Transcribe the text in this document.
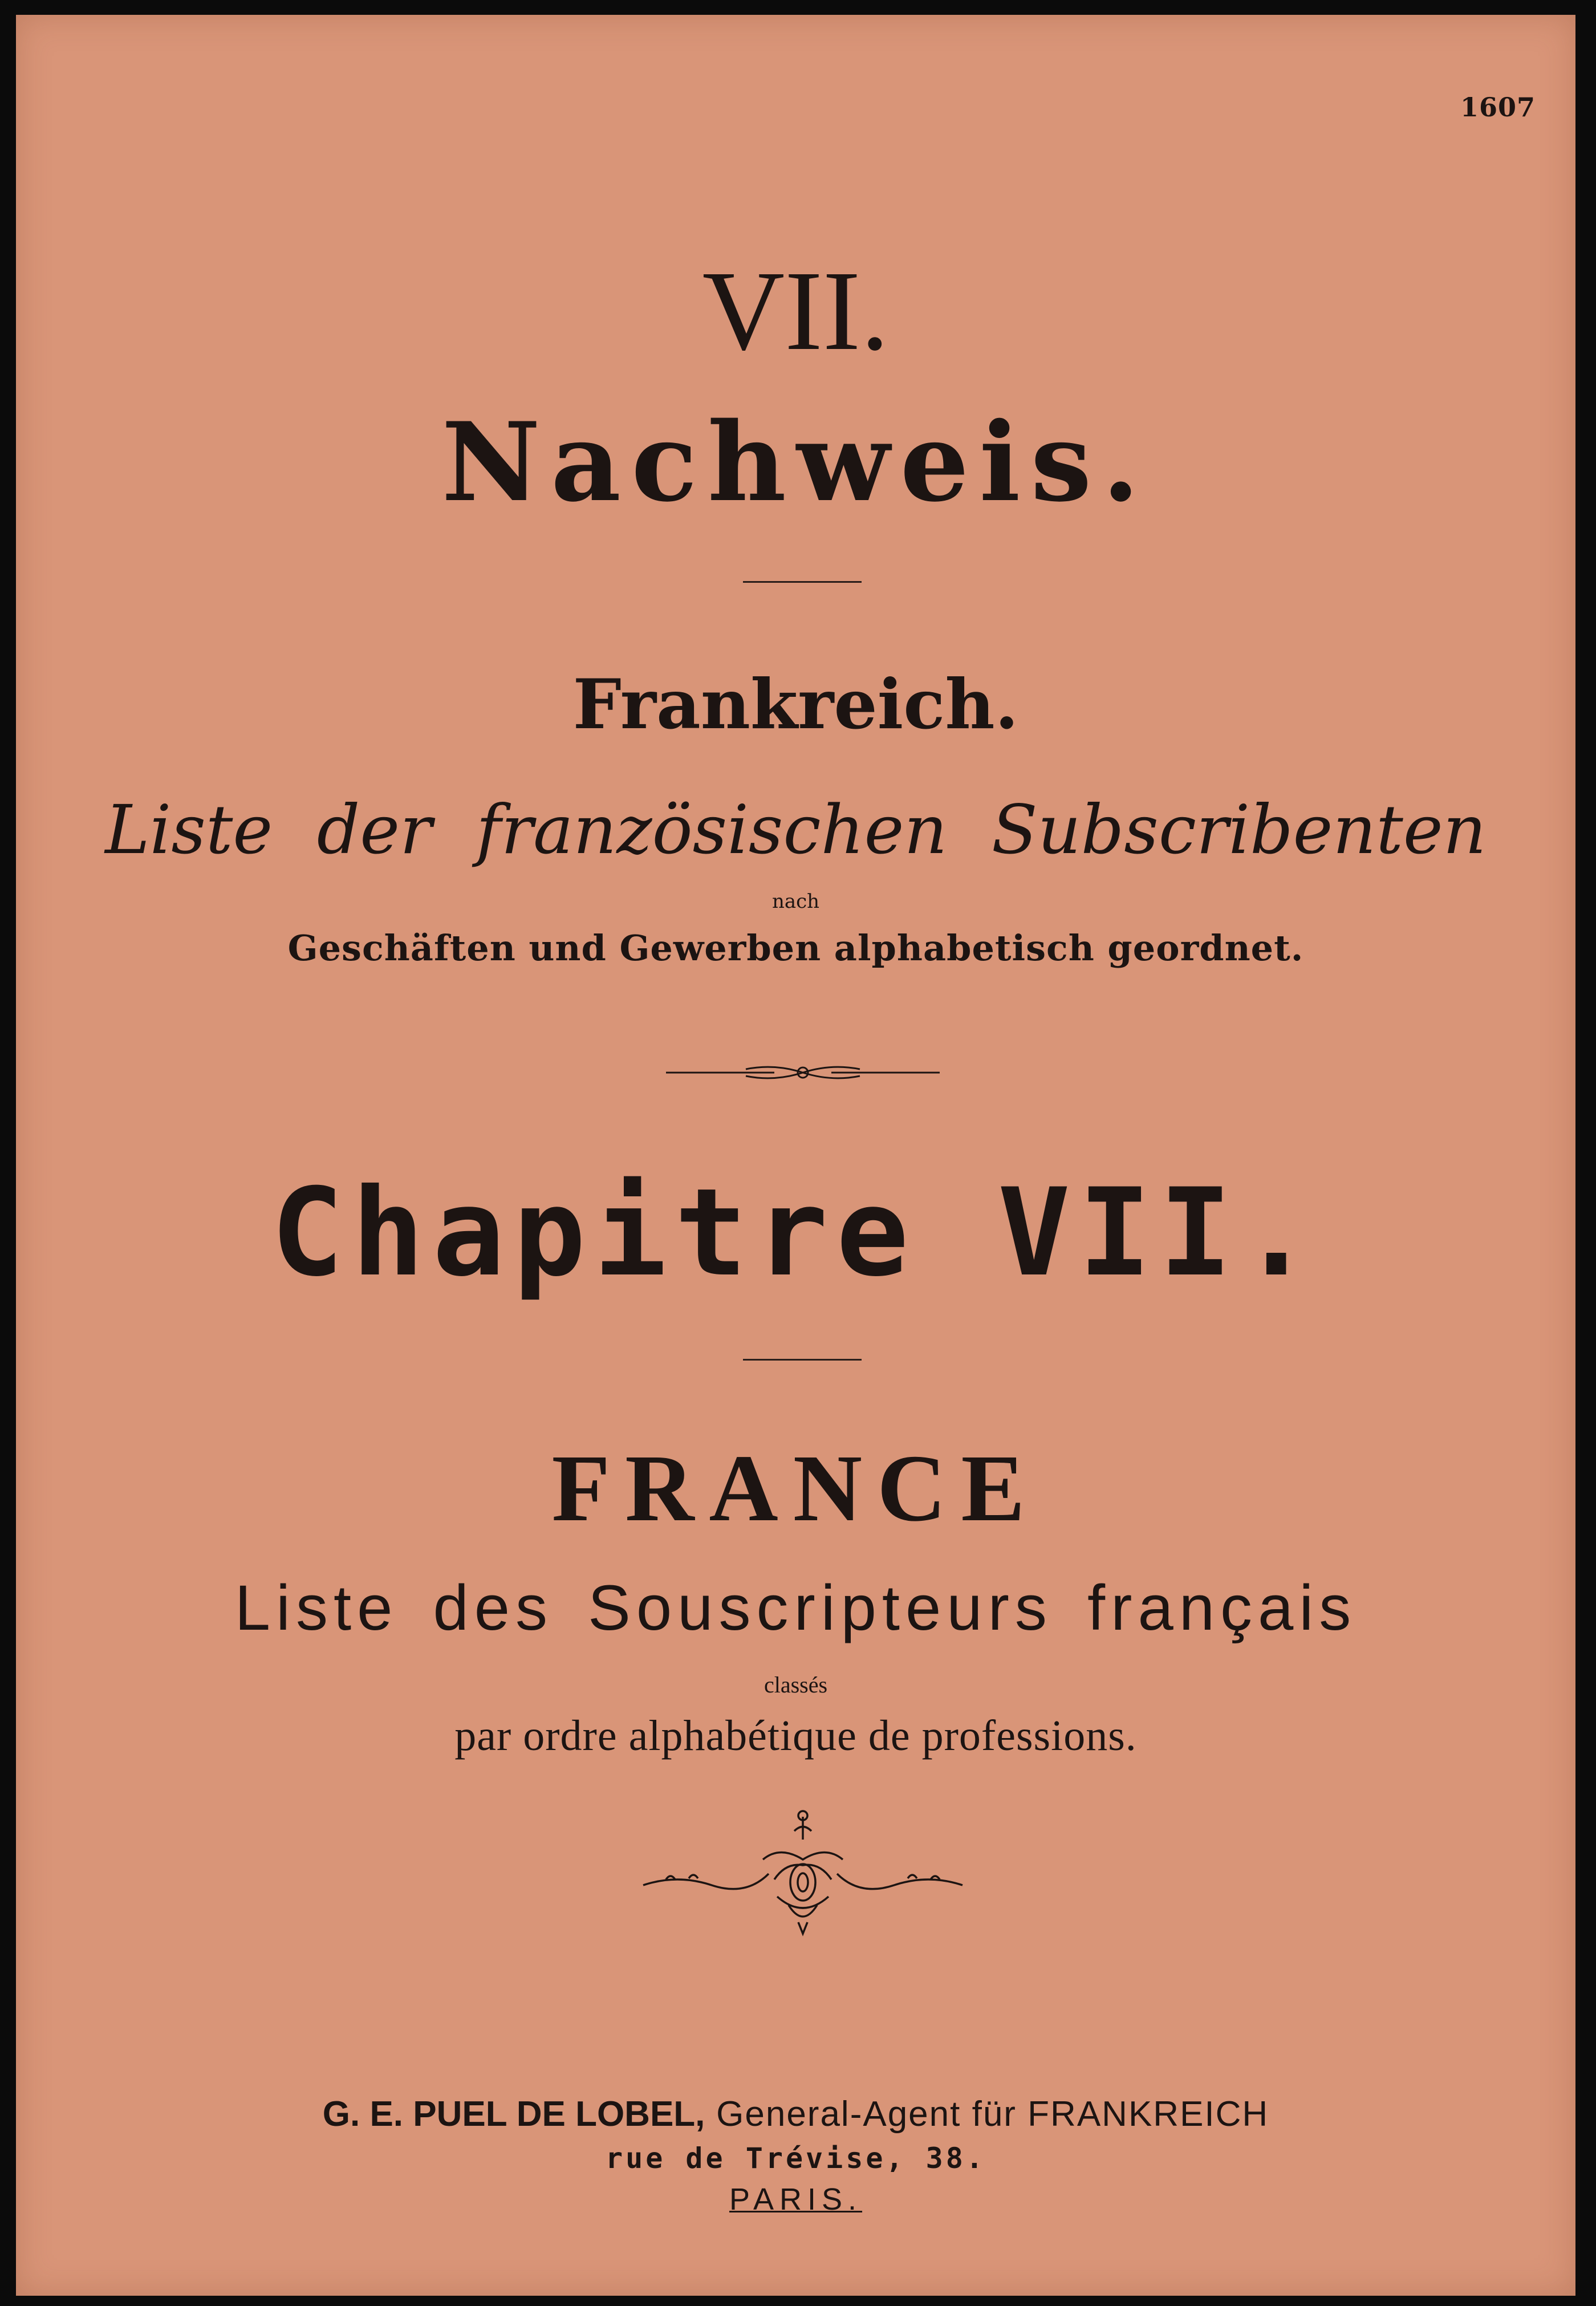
1607
VII.
Nachweis.
Frankreich.
Liste der französischen Subscribenten
nach
Geschäften und Gewerben alphabetisch geordnet.
Chapitre VII.
FRANCE
Liste des Souscripteurs français
classés
par ordre alphabétique de professions.
G. E. PUEL DE LOBEL, General-Agent für FRANKREICH
rue de Trévise, 38.
PARIS.
